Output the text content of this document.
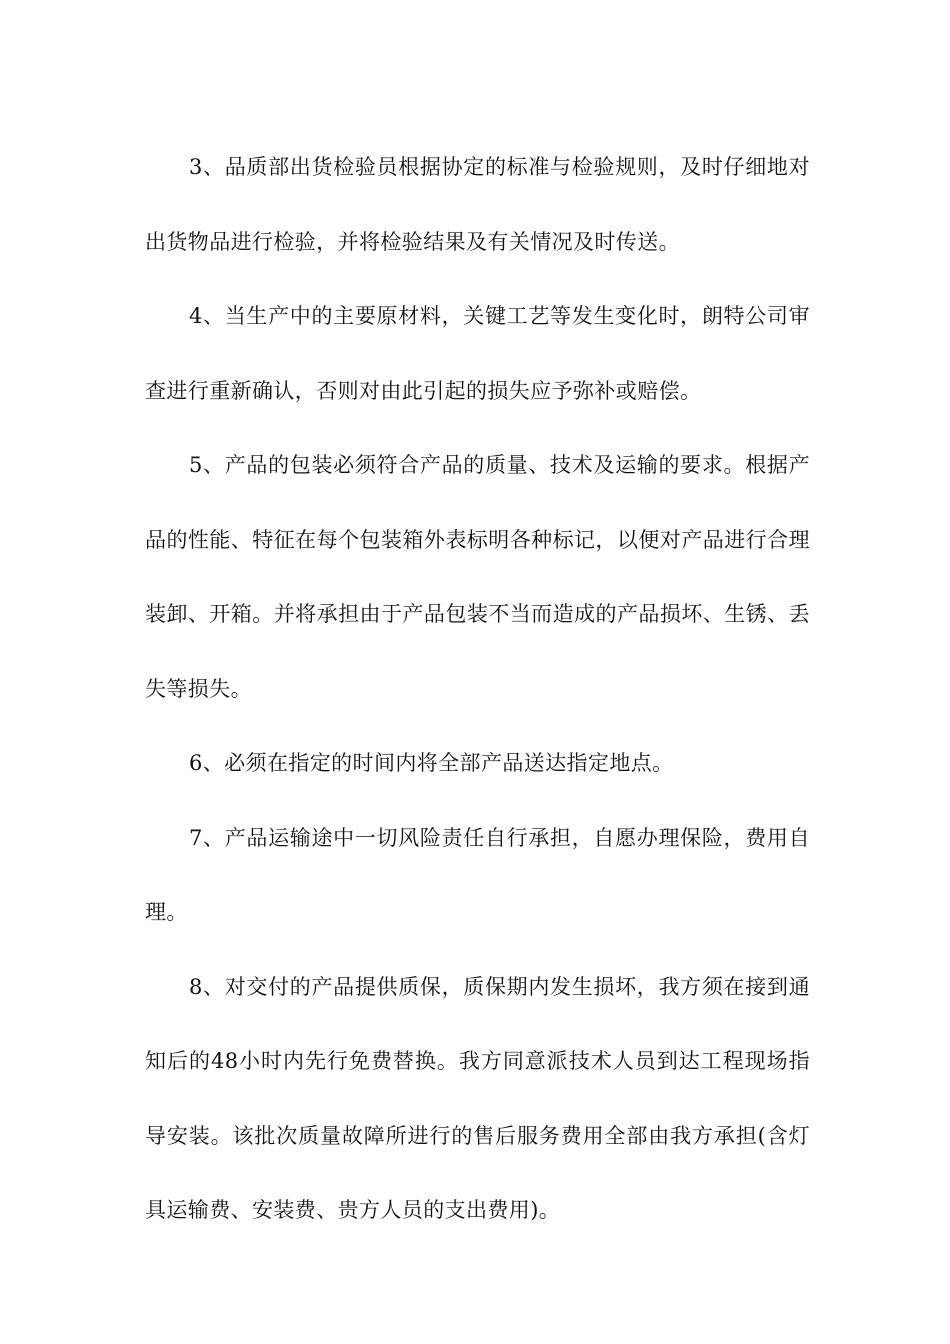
3、品质部出货检验员根据协定的标准与检验规则，及时仔细地对出货物品进行检验，并将检验结果及有关情况及时传送。

4、当生产中的主要原材料，关键工艺等发生变化时，朗特公司审查进行重新确认，否则对由此引起的损失应予弥补或赔偿。

5、产品的包装必须符合产品的质量、技术及运输的要求。根据产品的性能、特征在每个包装箱外表标明各种标记，以便对产品进行合理装卸、开箱。并将承担由于产品包装不当而造成的产品损坏、生锈、丢失等损失。

6、必须在指定的时间内将全部产品送达指定地点。

7、产品运输途中一切风险责任自行承担，自愿办理保险，费用自理。

8、对交付的产品提供质保，质保期内发生损坏，我方须在接到通知后的48小时内先行免费替换。我方同意派技术人员到达工程现场指导安装。该批次质量故障所进行的售后服务费用全部由我方承担(含灯具运输费、安装费、贵方人员的支出费用)。
